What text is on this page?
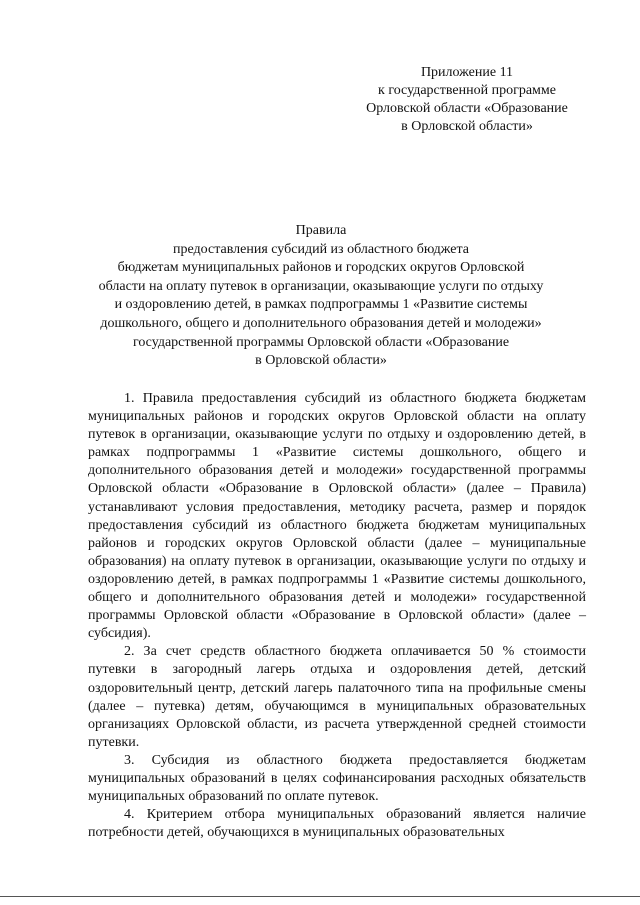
Приложение 11
к государственной программе
Орловской области «Образование
в Орловской области»
Правила
предоставления субсидий из областного бюджета
бюджетам муниципальных районов и городских округов Орловской
области на оплату путевок в организации, оказывающие услуги по отдыху
и оздоровлению детей, в рамках подпрограммы 1 «Развитие системы
дошкольного, общего и дополнительного образования детей и молодежи»
государственной программы Орловской области «Образование
в Орловской области»

1. Правила предоставления субсидий из областного бюджета бюджетам муниципальных районов и городских округов Орловской области на оплату путевок в организации, оказывающие услуги по отдыху и оздоровлению детей, в рамках подпрограммы 1 «Развитие системы дошкольного, общего и дополнительного образования детей и молодежи» государственной программы Орловской области «Образование в Орловской области» (далее – Правила) устанавливают условия предоставления, методику расчета, размер и порядок предоставления субсидий из областного бюджета бюджетам муниципальных районов и городских округов Орловской области (далее – муниципальные образования) на оплату путевок в организации, оказывающие услуги по отдыху и оздоровлению детей, в рамках подпрограммы 1 «Развитие системы дошкольного, общего и дополнительного образования детей и молодежи» государственной программы Орловской области «Образование в Орловской области» (далее – субсидия).

2. За счет средств областного бюджета оплачивается 50 % стоимости путевки в загородный лагерь отдыха и оздоровления детей, детский оздоровительный центр, детский лагерь палаточного типа на профильные смены (далее – путевка) детям, обучающимся в муниципальных образовательных организациях Орловской области, из расчета утвержденной средней стоимости путевки.

3. Субсидия из областного бюджета предоставляется бюджетам муниципальных образований в целях софинансирования расходных обязательств муниципальных образований по оплате путевок.

4. Критерием отбора муниципальных образований является наличие потребности детей, обучающихся в муниципальных образовательных
